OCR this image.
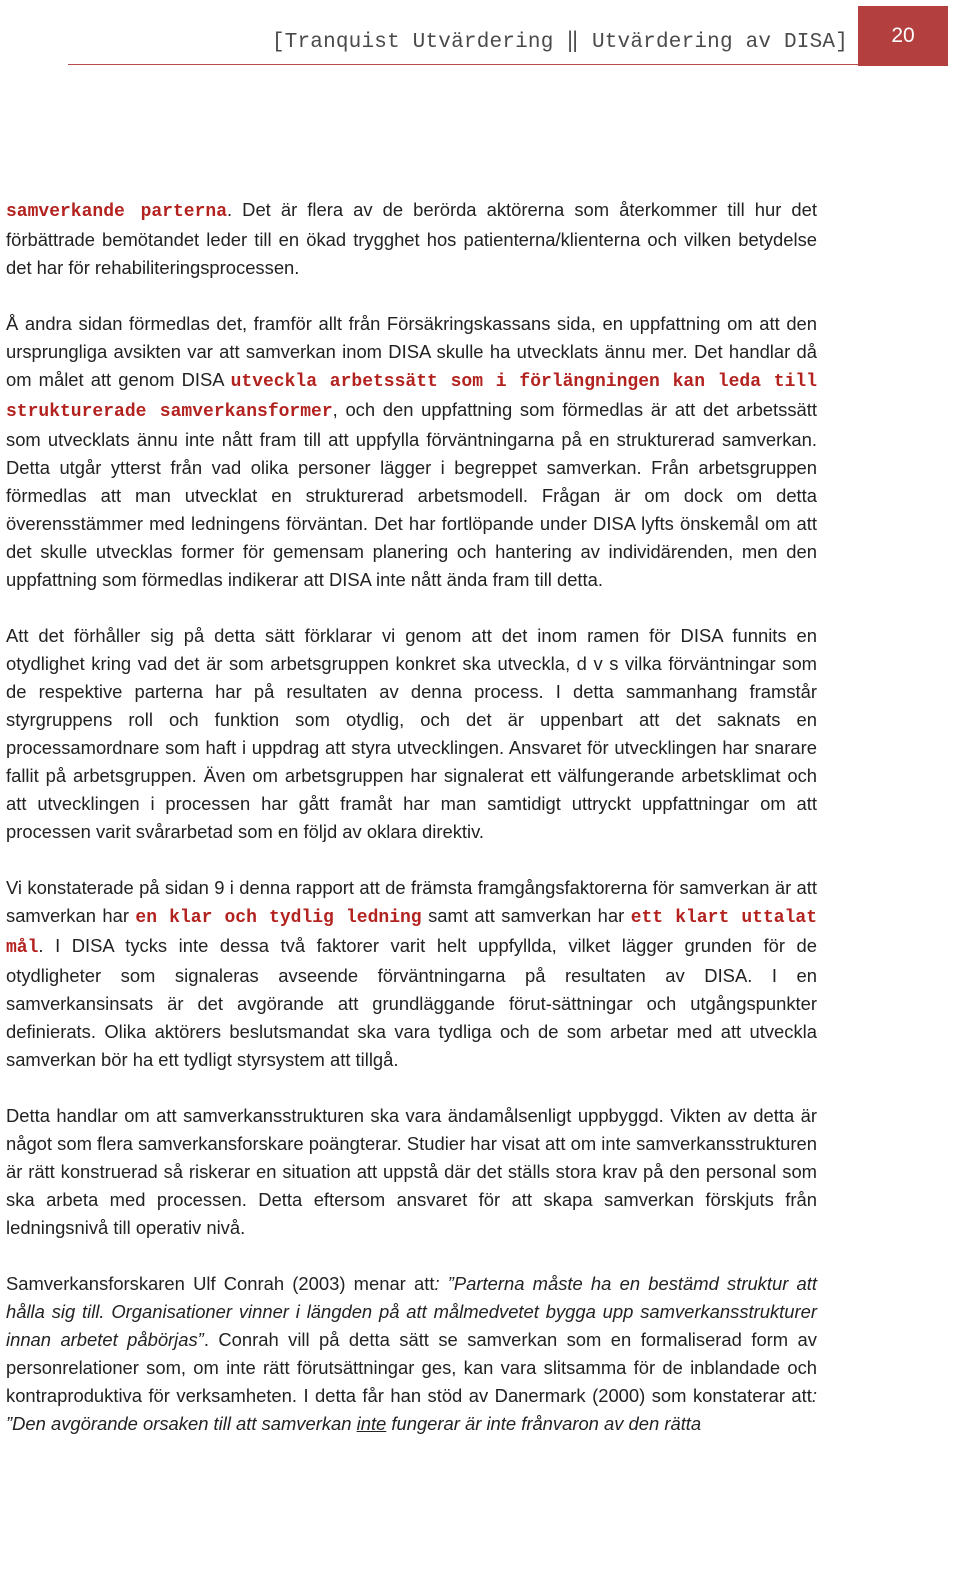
[Tranquist Utvärdering ‖ Utvärdering av DISA] 20

samverkande parterna. Det är flera av de berörda aktörerna som återkommer till hur det förbättrade bemötandet leder till en ökad trygghet hos patienterna/klienterna och vilken betydelse det har för rehabiliteringsprocessen.

Å andra sidan förmedlas det, framför allt från Försäkringskassans sida, en uppfattning om att den ursprungliga avsikten var att samverkan inom DISA skulle ha utvecklats ännu mer. Det handlar då om målet att genom DISA utveckla arbetssätt som i förlängningen kan leda till strukturerade samverkansformer, och den uppfattning som förmedlas är att det arbetssätt som utvecklats ännu inte nått fram till att uppfylla förväntningarna på en strukturerad samverkan. Detta utgår ytterst från vad olika personer lägger i begreppet samverkan. Från arbetsgruppen förmedlas att man utvecklat en strukturerad arbetsmodell. Frågan är om dock om detta överensstämmer med ledningens förväntan. Det har fortlöpande under DISA lyfts önskemål om att det skulle utvecklas former för gemensam planering och hantering av individärenden, men den uppfattning som förmedlas indikerar att DISA inte nått ända fram till detta.

Att det förhåller sig på detta sätt förklarar vi genom att det inom ramen för DISA funnits en otydlighet kring vad det är som arbetsgruppen konkret ska utveckla, d v s vilka förväntningar som de respektive parterna har på resultaten av denna process. I detta sammanhang framstår styrgruppens roll och funktion som otydlig, och det är uppenbart att det saknats en processamordnare som haft i uppdrag att styra utvecklingen. Ansvaret för utvecklingen har snarare fallit på arbetsgruppen. Även om arbetsgruppen har signalerat ett välfungerande arbetsklimat och att utvecklingen i processen har gått framåt har man samtidigt uttryckt uppfattningar om att processen varit svårarbetad som en följd av oklara direktiv.

Vi konstaterade på sidan 9 i denna rapport att de främsta framgångsfaktorerna för samverkan är att samverkan har en klar och tydlig ledning samt att samverkan har ett klart uttalat mål. I DISA tycks inte dessa två faktorer varit helt uppfyllda, vilket lägger grunden för de otydligheter som signaleras avseende förväntningarna på resultaten av DISA. I en samverkansinsats är det avgörande att grundläggande förut-sättningar och utgångspunkter definierats. Olika aktörers beslutsmandat ska vara tydliga och de som arbetar med att utveckla samverkan bör ha ett tydligt styrsystem att tillgå.

Detta handlar om att samverkansstrukturen ska vara ändamålsenligt uppbyggd. Vikten av detta är något som flera samverkansforskare poängterar. Studier har visat att om inte samverkansstrukturen är rätt konstruerad så riskerar en situation att uppstå där det ställs stora krav på den personal som ska arbeta med processen. Detta eftersom ansvaret för att skapa samverkan förskjuts från ledningsnivå till operativ nivå.

Samverkansforskaren Ulf Conrah (2003) menar att: ”Parterna måste ha en bestämd struktur att hålla sig till. Organisationer vinner i längden på att målmedvetet bygga upp samverkansstrukturer innan arbetet påbörjas”. Conrah vill på detta sätt se samverkan som en formaliserad form av personrelationer som, om inte rätt förutsättningar ges, kan vara slitsamma för de inblandade och kontraproduktiva för verksamheten. I detta får han stöd av Danermark (2000) som konstaterar att: ”Den avgörande orsaken till att samverkan inte fungerar är inte frånvaron av den rätta
